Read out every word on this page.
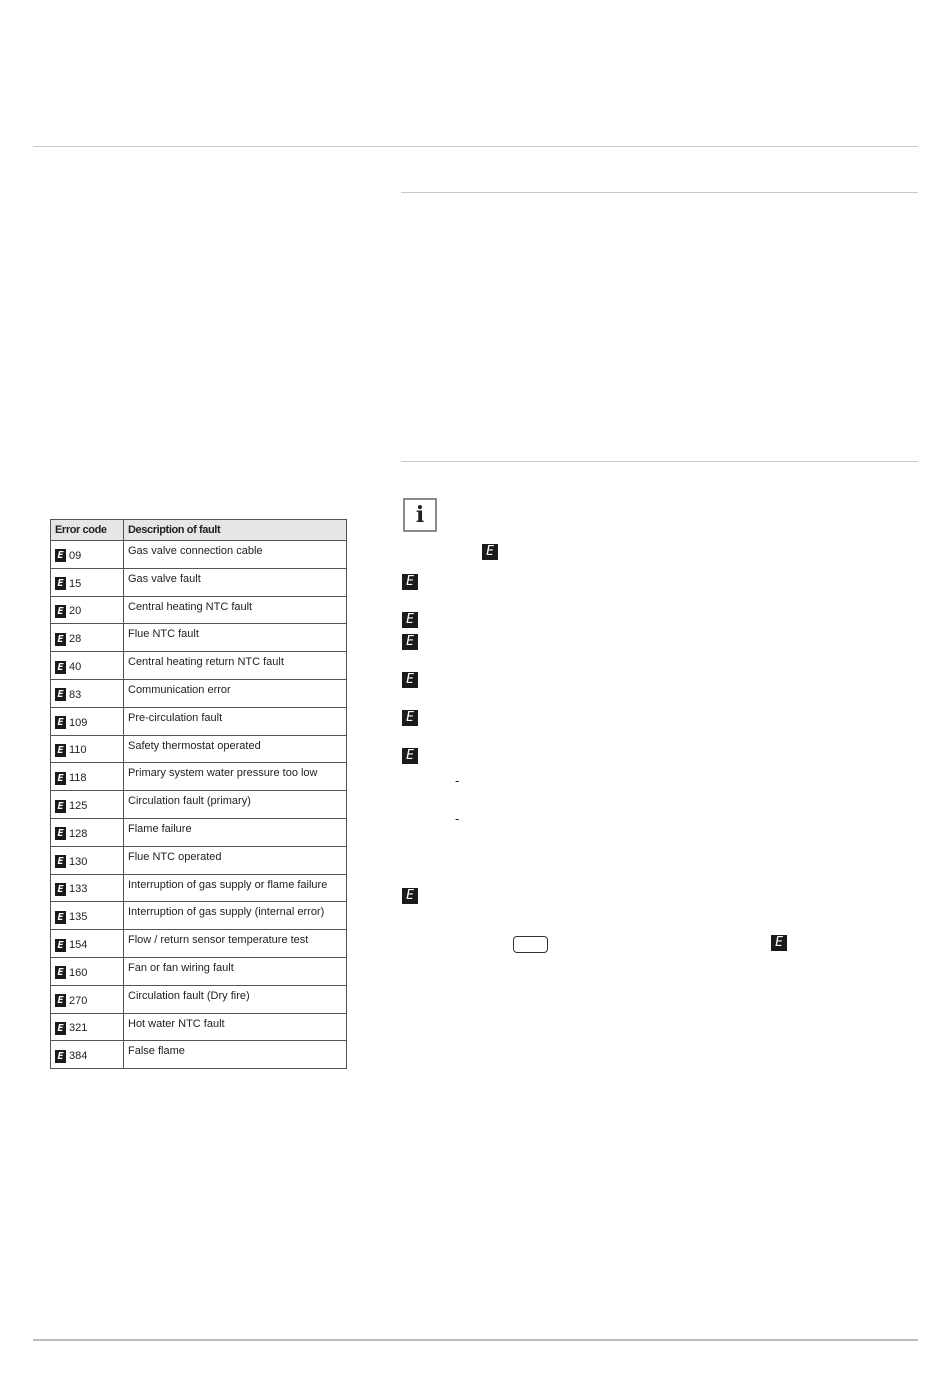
Error code	Description of fault
E 09	Gas valve connection cable
E 15	Gas valve fault
E 20	Central heating NTC fault
E 28	Flue NTC fault
E 40	Central heating return NTC fault
E 83	Communication error
E 109	Pre-circulation fault
E 110	Safety thermostat operated
E 118	Primary system water pressure too low
E 125	Circulation fault (primary)
E 128	Flame failure
E 130	Flue NTC operated
E 133	Interruption of gas supply or flame failure
E 135	Interruption of gas supply (internal error)
E 154	Flow / return sensor temperature test
E 160	Fan or fan wiring fault
E 270	Circulation fault (Dry fire)
E 321	Hot water NTC fault
E 384	False flame
i
E
E
E
E
E
E
E
-
-
E
E
